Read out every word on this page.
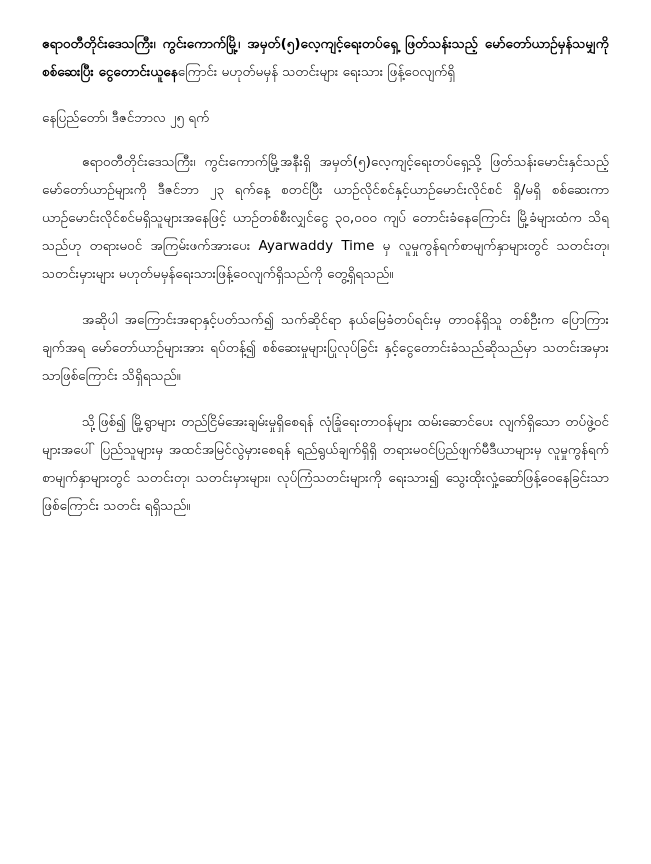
ဧရာဝတီတိုင်းဒေသကြီး၊ ကွင်းကောက်မြို့၊ အမှတ်(၅)လေ့ကျင့်ရေးတပ်ရှေ့ ဖြတ်သန်းသည့် မော်တော်ယာဉ်မှန်သမျှကို စစ်ဆေးပြီး ငွေတောင်းယူနေကြောင်း မဟုတ်မမှန် သတင်းများ ရေးသား ဖြန့်ဝေလျက်ရှိ

နေပြည်တော်၊ ဒီဇင်ဘာလ ၂၅ ရက်

ဧရာဝတီတိုင်းဒေသကြီး၊ ကွင်းကောက်မြို့အနီးရှိ အမှတ်(၅)လေ့ကျင့်ရေးတပ်ရှေ့သို့ ဖြတ်သန်းမောင်းနှင်သည့် မော်တော်ယာဉ်များကို ဒီဇင်ဘာ ၂၃ ရက်နေ့ စတင်ပြီး ယာဉ်လိုင်စင်နှင့်ယာဉ်မောင်းလိုင်စင် ရှိ/မရှိ စစ်ဆေးကာ ယာဉ်မောင်းလိုင်စင်မရှိသူများအနေဖြင့် ယာဉ်တစ်စီးလျှင်ငွေ ၃၀,၀၀၀ ကျပ် တောင်းခံနေကြောင်း မြို့ခံများထံက သိရသည်ဟု တရားမဝင် အကြမ်းဖက်အားပေး Ayarwaddy Time မှ လူမှုကွန်ရက်စာမျက်နှာများတွင် သတင်းတု၊ သတင်းမှားများ မဟုတ်မမှန်ရေးသားဖြန့်ဝေလျက်ရှိသည်ကို တွေ့ရှိရသည်။

အဆိုပါ အကြောင်းအရာနှင့်ပတ်သက်၍ သက်ဆိုင်ရာ နယ်မြေခံတပ်ရင်းမှ တာဝန်ရှိသူ တစ်ဦးက ပြောကြားချက်အရ မော်တော်ယာဉ်များအား ရပ်တန့်၍ စစ်ဆေးမှုများပြုလုပ်ခြင်း နှင့်ငွေတောင်းခံသည်ဆိုသည်မှာ သတင်းအမှားသာဖြစ်ကြောင်း သိရှိရသည်။

သို့ဖြစ်၍ မြို့ရွာများ တည်ငြိမ်အေးချမ်းမှုရှိစေရန် လုံခြုံရေးတာဝန်များ ထမ်းဆောင်ပေး လျက်ရှိသော တပ်ဖွဲ့ဝင်များအပေါ် ပြည်သူများမှ အထင်အမြင်လွဲမှားစေရန် ရည်ရွယ်ချက်ရှိရှိ တရားမဝင်ပြည်ဖျက်မီဒီယာများမှ လူမှုကွန်ရက်စာမျက်နှာများတွင် သတင်းတု၊ သတင်းမှားများ၊ လုပ်ကြံသတင်းများကို ရေးသား၍ သွေးထိုးလှုံ့ဆော်ဖြန့်ဝေနေခြင်းသာဖြစ်ကြောင်း သတင်း ရရှိသည်။
